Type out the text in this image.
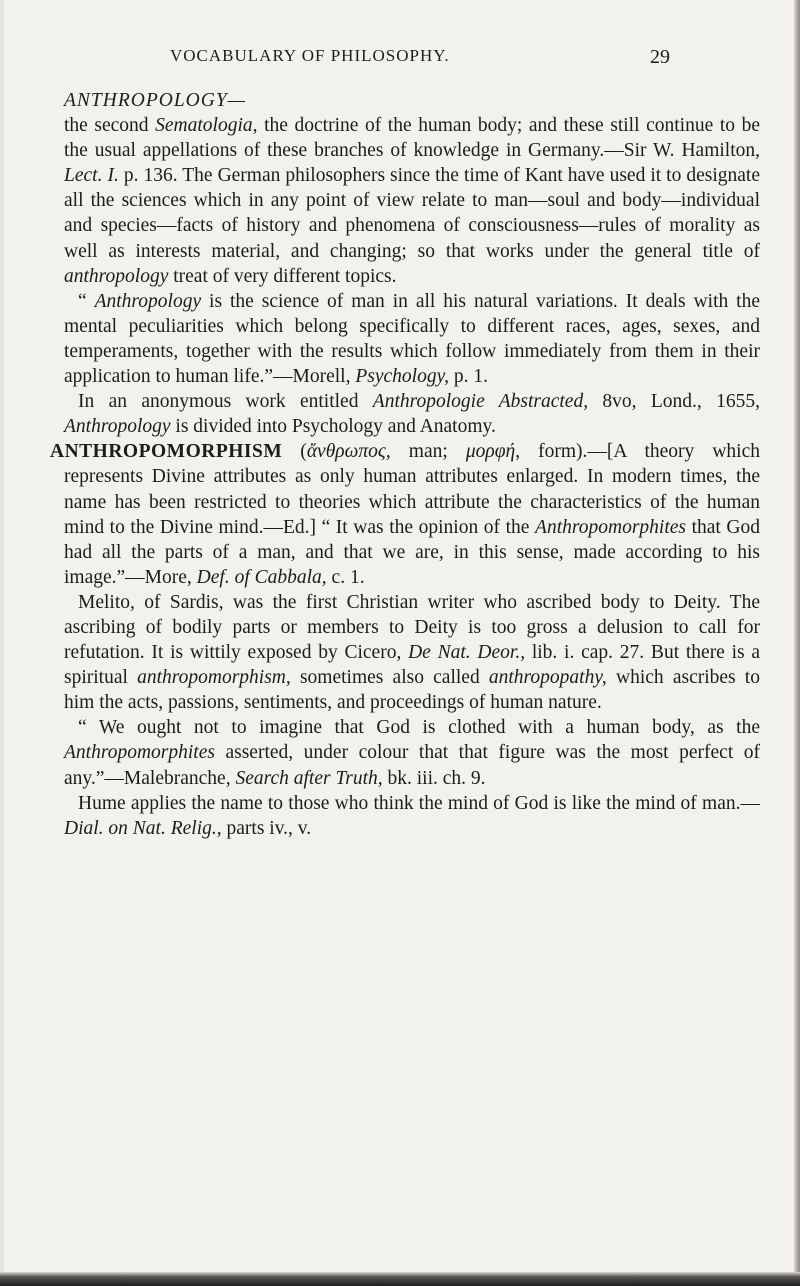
VOCABULARY OF PHILOSOPHY.	29

ANTHROPOLOGY—

the second Sematologia, the doctrine of the human body; and these still continue to be the usual appellations of these branches of knowledge in Germany.—Sir W. Hamilton, Lect. I. p. 136. The German philosophers since the time of Kant have used it to designate all the sciences which in any point of view relate to man—soul and body—individual and species—facts of history and phenomena of consciousness—rules of morality as well as interests material, and changing; so that works under the general title of anthropology treat of very different topics.

“ Anthropology is the science of man in all his natural variations. It deals with the mental peculiarities which belong specifically to different races, ages, sexes, and temperaments, together with the results which follow immediately from them in their application to human life.”—Morell, Psychology, p. 1.

In an anonymous work entitled Anthropologie Abstracted, 8vo, Lond., 1655, Anthropology is divided into Psychology and Anatomy.

ANTHROPOMORPHISM (ἄνθρωπος, man; μορφή, form).—[A theory which represents Divine attributes as only human attributes enlarged. In modern times, the name has been restricted to theories which attribute the characteristics of the human mind to the Divine mind.—Ed.] “ It was the opinion of the Anthropomorphites that God had all the parts of a man, and that we are, in this sense, made according to his image.”—More, Def. of Cabbala, c. 1.

Melito, of Sardis, was the first Christian writer who ascribed body to Deity. The ascribing of bodily parts or members to Deity is too gross a delusion to call for refutation. It is wittily exposed by Cicero, De Nat. Deor., lib. i. cap. 27. But there is a spiritual anthropomorphism, sometimes also called anthropopathy, which ascribes to him the acts, passions, sentiments, and proceedings of human nature.

“ We ought not to imagine that God is clothed with a human body, as the Anthropomorphites asserted, under colour that that figure was the most perfect of any.”—Malebranche, Search after Truth, bk. iii. ch. 9.

Hume applies the name to those who think the mind of God is like the mind of man.—Dial. on Nat. Relig., parts iv., v.
